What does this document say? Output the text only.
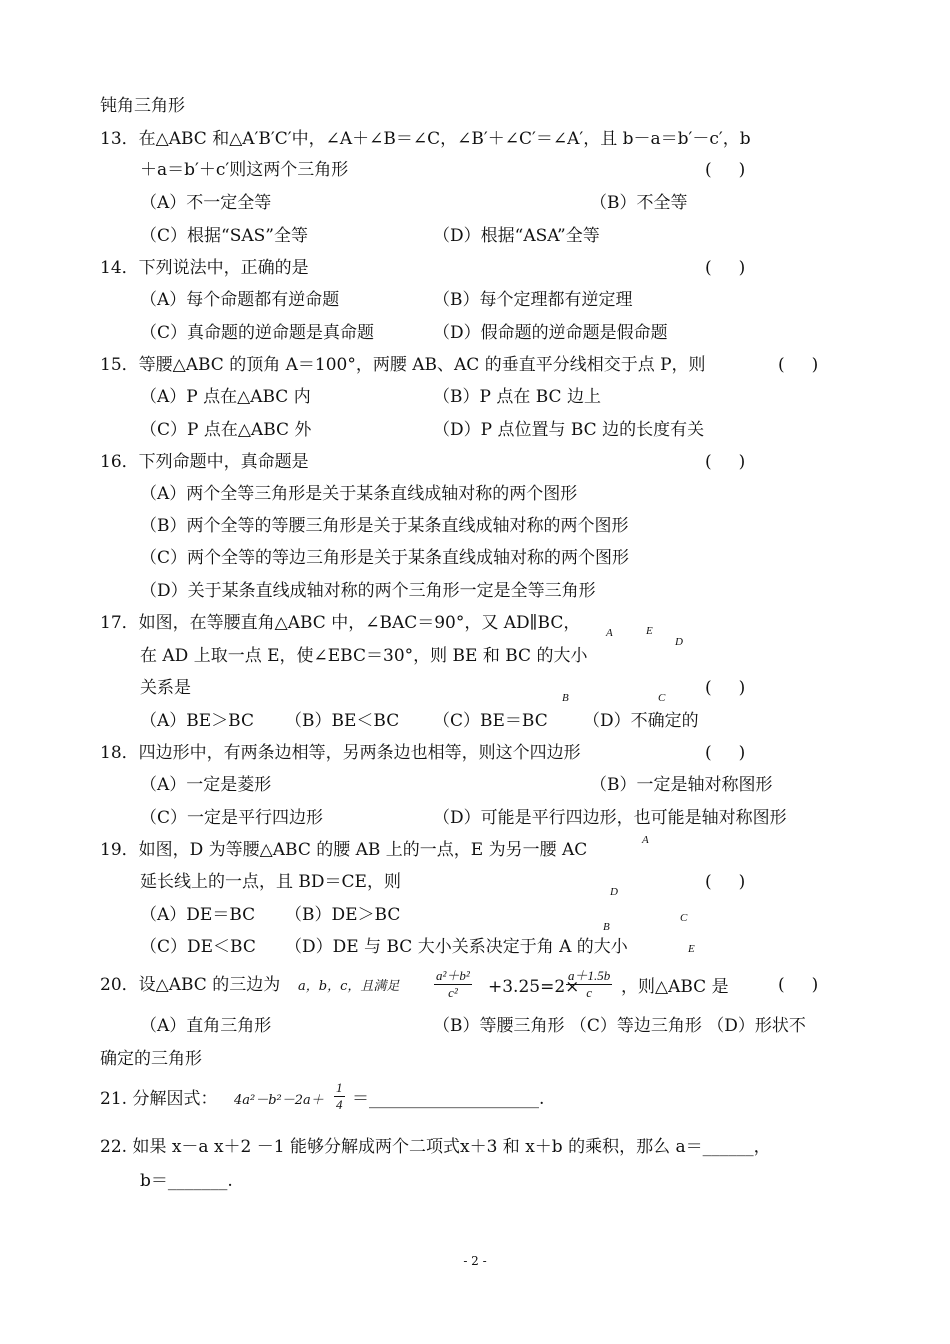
钝角三角形
13．在△ABC 和△A′B′C′中，∠A＋∠B＝∠C，∠B′＋∠C′＝∠A′，且 b－a＝b′－c′，b
＋a＝b′＋c′则这两个三角形	(     )
（A）不一定全等	（B）不全等
（C）根据“SAS”全等	（D）根据“ASA”全等
14．下列说法中，正确的是	(     )
（A）每个命题都有逆命题	（B）每个定理都有逆定理
（C）真命题的逆命题是真命题	（D）假命题的逆命题是假命题
15．等腰△ABC 的顶角 A＝100°，两腰 AB、AC 的垂直平分线相交于点 P，则	(     )
（A）P 点在△ABC 内	（B）P 点在 BC 边上
（C）P 点在△ABC 外	（D）P 点位置与 BC 边的长度有关
16．下列命题中，真命题是	(     )
（A）两个全等三角形是关于某条直线成轴对称的两个图形
（B）两个全等的等腰三角形是关于某条直线成轴对称的两个图形
（C）两个全等的等边三角形是关于某条直线成轴对称的两个图形
（D）关于某条直线成轴对称的两个三角形一定是全等三角形
17．如图，在等腰直角△ABC 中，∠BAC＝90°，又 AD∥BC，
在 AD 上取一点 E，使∠EBC＝30°，则 BE 和 BC 的大小
关系是	(     )
（A）BE＞BC （B）BE＜BC （C）BE＝BC （D）不确定的
A	E
D
B	C
18．四边形中，有两条边相等，另两条边也相等，则这个四边形	(     )
（A）一定是菱形	（B）一定是轴对称图形
（C）一定是平行四边形	（D）可能是平行四边形，也可能是轴对称图形
19．如图，D 为等腰△ABC 的腰 AB 上的一点，E 为另一腰 AC
延长线上的一点，且 BD＝CE，则	(     )
（A）DE＝BC （B）DE＞BC
（C）DE＜BC （D）DE 与 BC 大小关系决定于角 A 的大小
A
D
B
C
E
20．设△ABC 的三边为 a，b，c，且满足	$\frac{\text{a²＋b²}}{\text{c²}} +3.25=2\times$
$\frac{a+1.5b}{c}$ ，则△ABC 是	(     )
（A）直角三角形	（B）等腰三角形 （C）等边三角形 （D）形状不
确定的三角形
21. 分解因式： $4a^2-b^2-2a+ \frac{1}{4}$ ＝____________________.
22. 如果 x－a x＋2 －1 能够分解成两个二项式x＋3 和 x＋b 的乘积，那么 a＝______，
b＝_______.
- 2 -
